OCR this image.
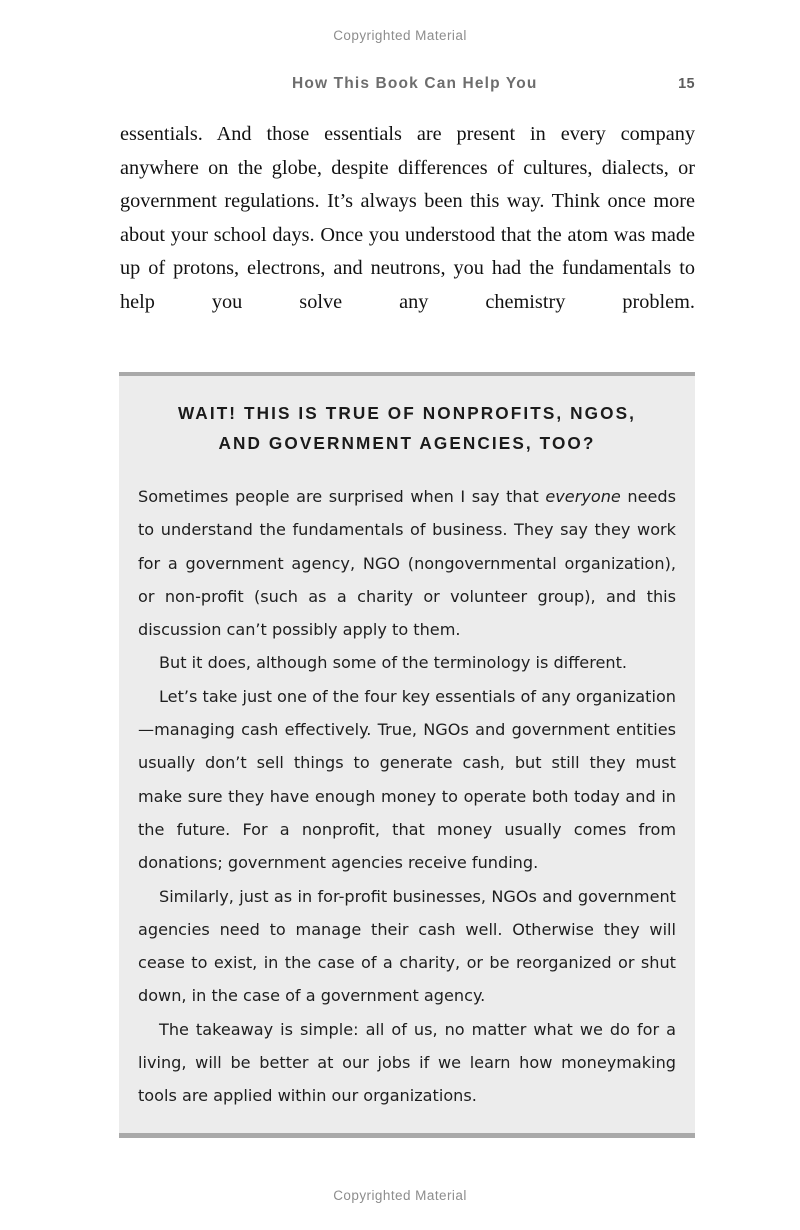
Copyrighted Material
How This Book Can Help You	15

essentials. And those essentials are present in every company anywhere on the globe, despite differences of cultures, dialects, or government regulations. It’s always been this way. Think once more about your school days. Once you understood that the atom was made up of protons, electrons, and neutrons, you had the fundamentals to help you solve any chemistry problem.

WAIT! THIS IS TRUE OF NONPROFITS, NGOS,
AND GOVERNMENT AGENCIES, TOO?

Sometimes people are surprised when I say that everyone needs to understand the fundamentals of business. They say they work for a government agency, NGO (nongovernmental organization), or non-profit (such as a charity or volunteer group), and this discussion can’t possibly apply to them.

But it does, although some of the terminology is different.

Let’s take just one of the four key essentials of any organization—managing cash effectively. True, NGOs and government entities usually don’t sell things to generate cash, but still they must make sure they have enough money to operate both today and in the future. For a nonprofit, that money usually comes from donations; government agencies receive funding.

Similarly, just as in for-profit businesses, NGOs and government agencies need to manage their cash well. Otherwise they will cease to exist, in the case of a charity, or be reorganized or shut down, in the case of a government agency.

The takeaway is simple: all of us, no matter what we do for a living, will be better at our jobs if we learn how moneymaking tools are applied within our organizations.

Copyrighted Material
